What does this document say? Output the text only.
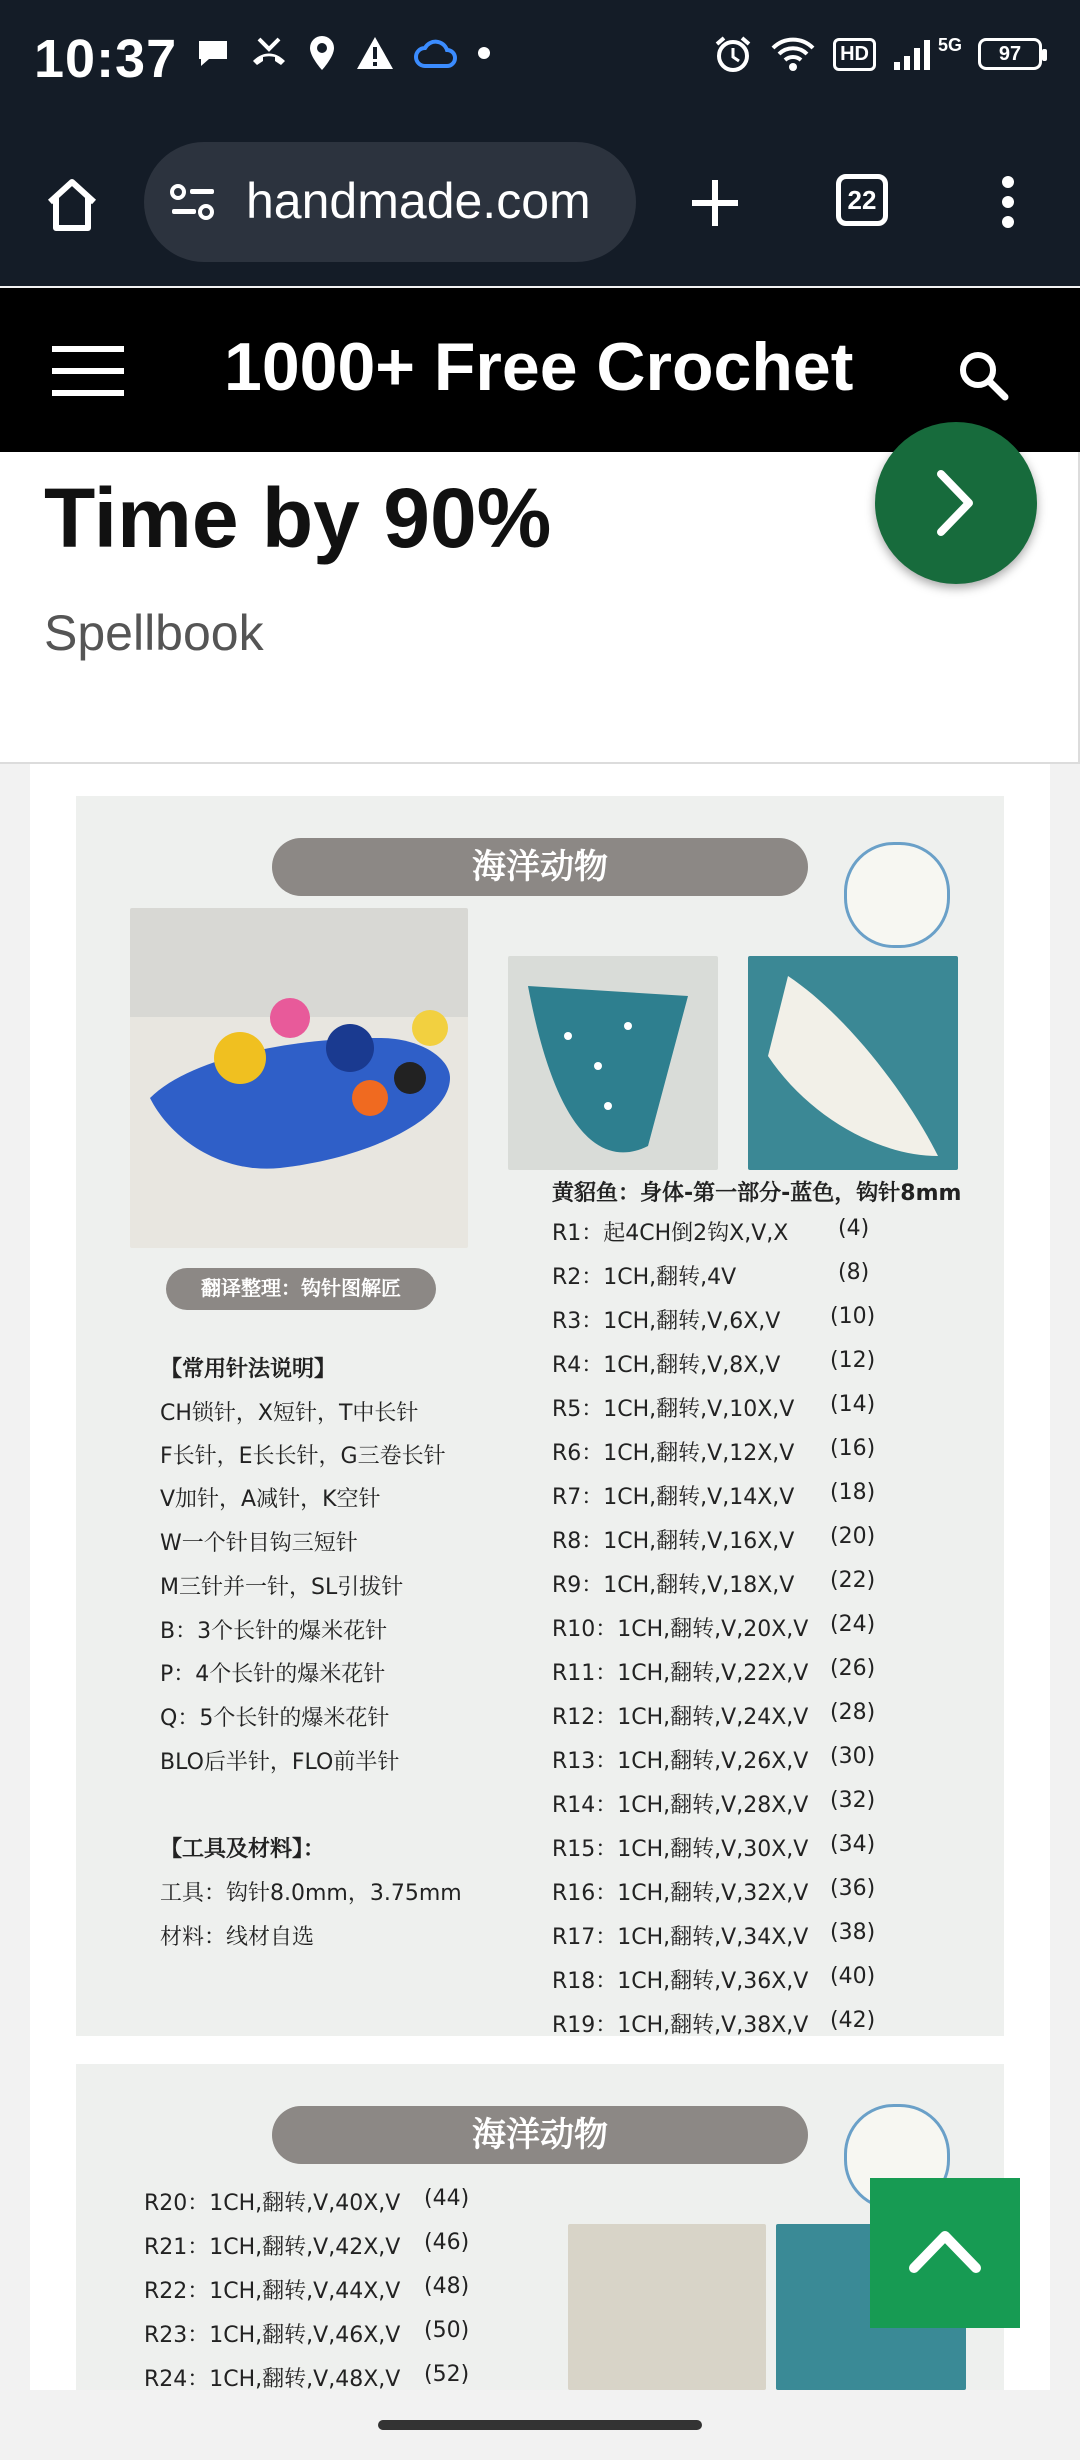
10:37	HD	5G	97
handmade.com	22
1000+ Free Crochet
Time by 90%
Spellbook
海洋动物
黄貂鱼：身体-第一部分-蓝色，钩针8mm
翻译整理：钩针图解匠
【常用针法说明】
CH锁针，X短针，T中长针
F长针，E长长针，G三卷长针
V加针，A减针，K空针
W一个针目钩三短针
M三针并一针，SL引拔针
B：3个长针的爆米花针
P：4个长针的爆米花针
Q：5个长针的爆米花针
BLO后半针，FLO前半针
【工具及材料】：
工具：钩针8.0mm，3.75mm
材料：线材自选
R1：起4CH倒2钩X,V,X (4)
R2：1CH,翻转,4V	(8)
R3：1CH,翻转,V,6X,V (10)
R4：1CH,翻转,V,8X,V (12)
R5：1CH,翻转,V,10X,V (14)
R6：1CH,翻转,V,12X,V (16)
R7：1CH,翻转,V,14X,V (18)
R8：1CH,翻转,V,16X,V (20)
R9：1CH,翻转,V,18X,V (22)
R10：1CH,翻转,V,20X,V (24)
R11：1CH,翻转,V,22X,V (26)
R12：1CH,翻转,V,24X,V (28)
R13：1CH,翻转,V,26X,V (30)
R14：1CH,翻转,V,28X,V (32)
R15：1CH,翻转,V,30X,V (34)
R16：1CH,翻转,V,32X,V (36)
R17：1CH,翻转,V,34X,V (38)
R18：1CH,翻转,V,36X,V (40)
R19：1CH,翻转,V,38X,V (42)
海洋动物
R20：1CH,翻转,V,40X,V (44)
R21：1CH,翻转,V,42X,V (46)
R22：1CH,翻转,V,44X,V (48)
R23：1CH,翻转,V,46X,V (50)
R24：1CH,翻转,V,48X,V (52)
